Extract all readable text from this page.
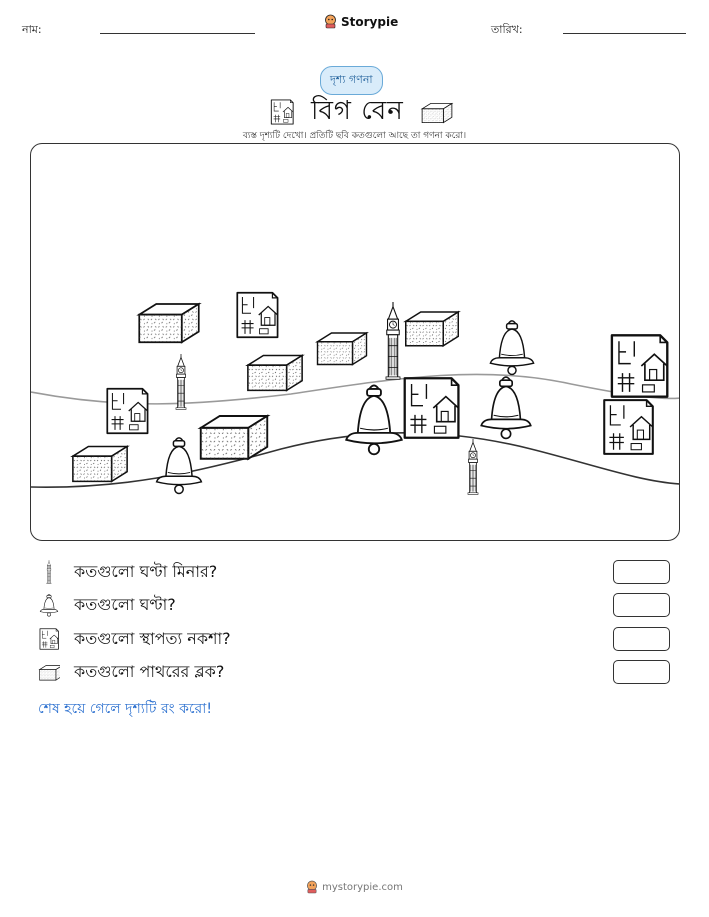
নাম:
Storypie
তারিখ:
দৃশ্য গণনা
বিগ বেন
ব্যস্ত দৃশ্যটি দেখো। প্রতিটি ছবি কতগুলো আছে তা গণনা করো।
কতগুলো ঘণ্টা মিনার?
কতগুলো ঘণ্টা?
কতগুলো স্থাপত্য নকশা?
কতগুলো পাথরের ব্লক?
শেষ হয়ে গেলে দৃশ্যটি রং করো!
mystorypie.com
